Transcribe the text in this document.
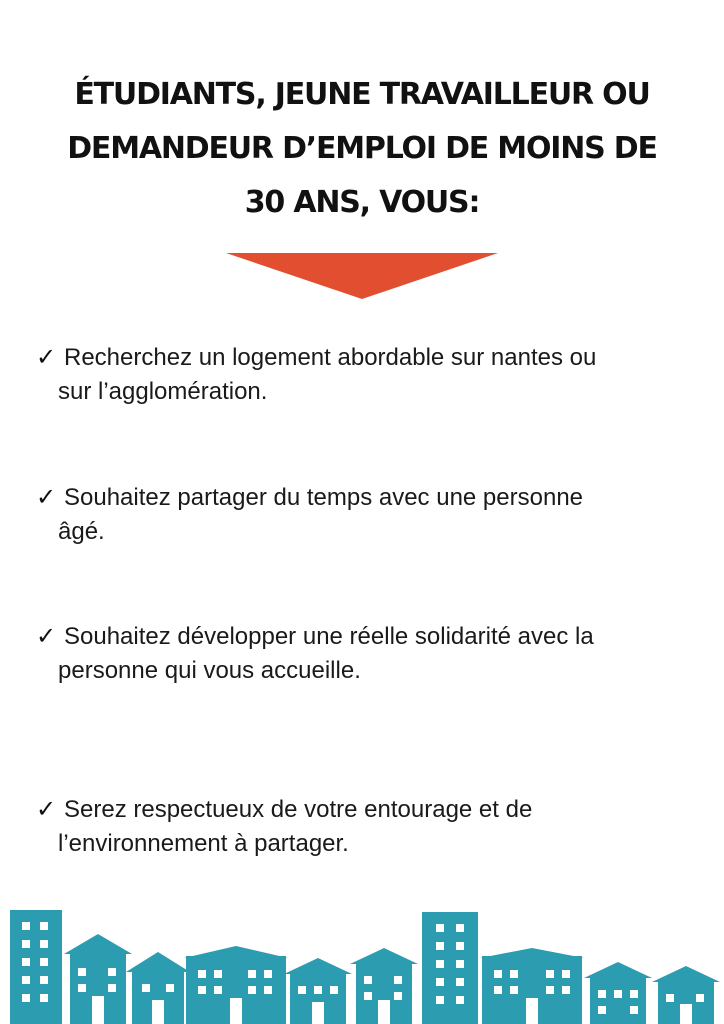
ÉTUDIANTS, JEUNE TRAVAILLEUR OU
DEMANDEUR D’EMPLOI DE MOINS DE
30 ANS, VOUS:
✓ Recherchez un logement abordable sur nantes ou
sur l’agglomération.
✓ Souhaitez partager du temps avec une personne
âgé.
✓ Souhaitez développer une réelle solidarité avec la
personne qui vous accueille.
✓ Serez respectueux de votre entourage et de
l’environnement à partager.
